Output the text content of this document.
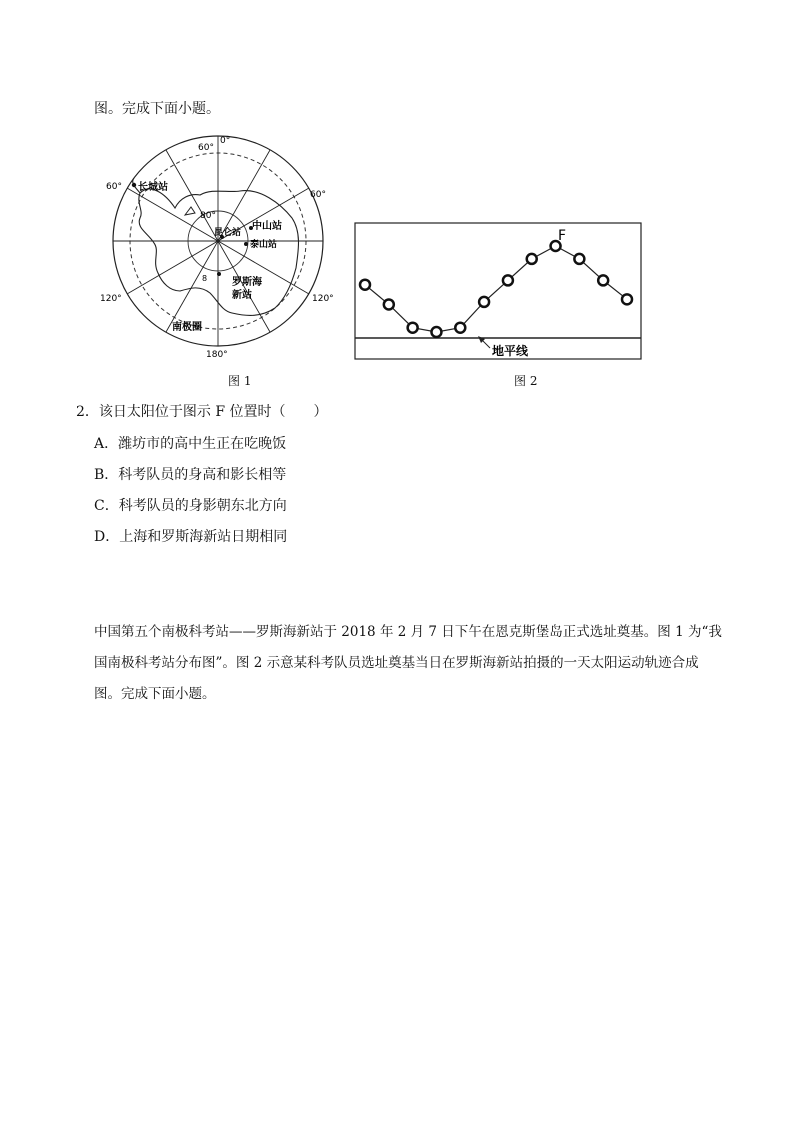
图。完成下面小题。
0°
60°
60°
60°
80°
120°	120°
180°
长城站
中山站
昆仑站
泰山站
罗斯海
新站
南极圈
8
图 1
F
地平线
图 2
2．该日太阳位于图示 F 位置时（　　）
A．潍坊市的高中生正在吃晚饭
B．科考队员的身高和影长相等
C．科考队员的身影朝东北方向
D．上海和罗斯海新站日期相同
中国第五个南极科考站——罗斯海新站于 2018 年 2 月 7 日下午在恩克斯堡岛正式选址奠基。图 1 为“我
国南极科考站分布图”。图 2 示意某科考队员选址奠基当日在罗斯海新站拍摄的一天太阳运动轨迹合成
图。完成下面小题。
